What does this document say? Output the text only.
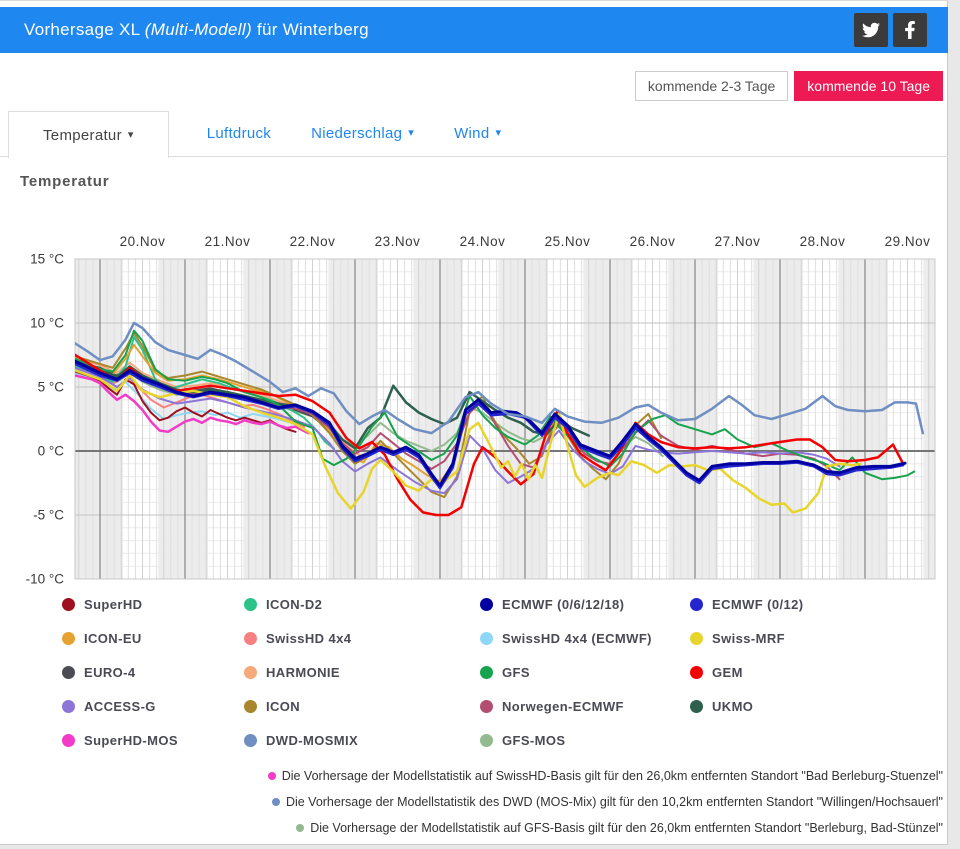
Vorhersage XL (Multi-Modell) für Winterberg
kommende 2-3 Tage	kommende 10 Tage
Temperatur ▾	Luftdruck	Niederschlag ▾	Wind ▾
Temperatur
20.Nov	21.Nov	22.Nov	23.Nov	24.Nov	25.Nov	26.Nov	27.Nov	28.Nov	29.Nov
15 °C
10 °C
5 °C
0 °C
-5 °C
-10 °C
SuperHD	ICON-D2	ECMWF (0/6/12/18)	ECMWF (0/12)
ICON-EU	SwissHD 4x4	SwissHD 4x4 (ECMWF)	Swiss-MRF
EURO-4	HARMONIE	GFS	GEM
ACCESS-G	ICON	Norwegen-ECMWF	UKMO
SuperHD-MOS	DWD-MOSMIX	GFS-MOS
Die Vorhersage der Modellstatistik auf SwissHD-Basis gilt für den 26,0km entfernten Standort "Bad Berleburg-Stuenzel"
Die Vorhersage der Modellstatistik des DWD (MOS-Mix) gilt für den 10,2km entfernten Standort "Willingen/Hochsauerl"
Die Vorhersage der Modellstatistik auf GFS-Basis gilt für den 26,0km entfernten Standort "Berleburg, Bad-Stünzel"
